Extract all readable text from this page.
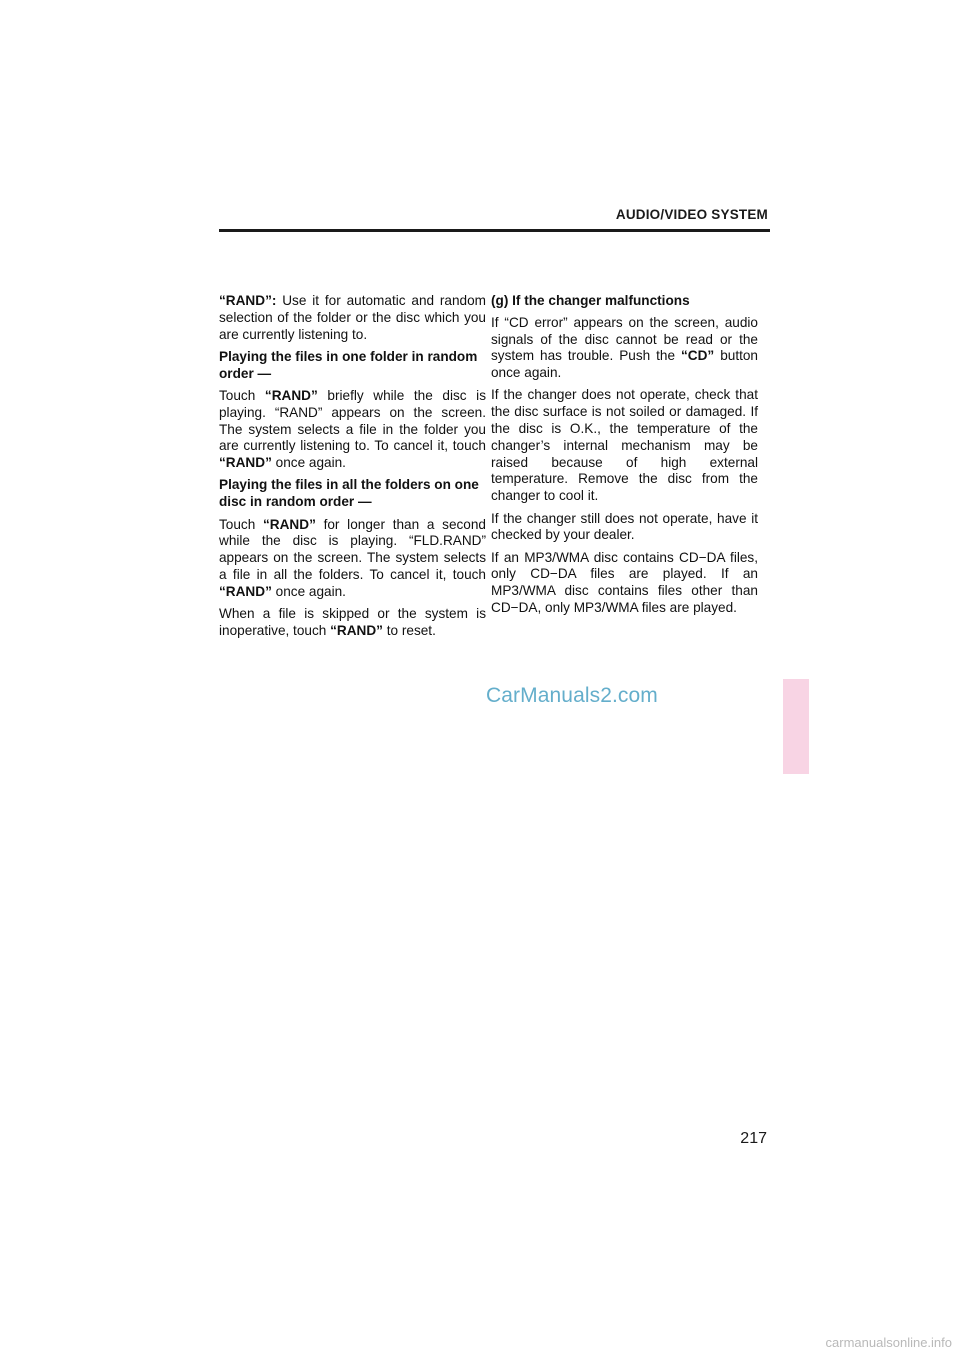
AUDIO/VIDEO SYSTEM

“RAND”: Use it for automatic and random selection of the folder or the disc which you are currently listening to.

Playing the files in one folder in random order —

Touch “RAND” briefly while the disc is playing. “RAND” appears on the screen. The system selects a file in the folder you are currently listening to. To cancel it, touch “RAND” once again.

Playing the files in all the folders on one disc in random order —

Touch “RAND” for longer than a second while the disc is playing. “FLD.RAND” appears on the screen. The system selects a file in all the folders. To cancel it, touch “RAND” once again.

When a file is skipped or the system is inoperative, touch “RAND” to reset.

(g) If the changer malfunctions

If “CD error” appears on the screen, audio signals of the disc cannot be read or the system has trouble. Push the “CD” button once again.

If the changer does not operate, check that the disc surface is not soiled or damaged. If the disc is O.K., the temperature of the changer’s internal mechanism may be raised because of high external temperature. Remove the disc from the changer to cool it.

If the changer still does not operate, have it checked by your dealer.

If an MP3/WMA disc contains CD−DA files, only CD−DA files are played. If an MP3/WMA disc contains files other than CD−DA, only MP3/WMA files are played.

CarManuals2.com
217
carmanualsonline.info
